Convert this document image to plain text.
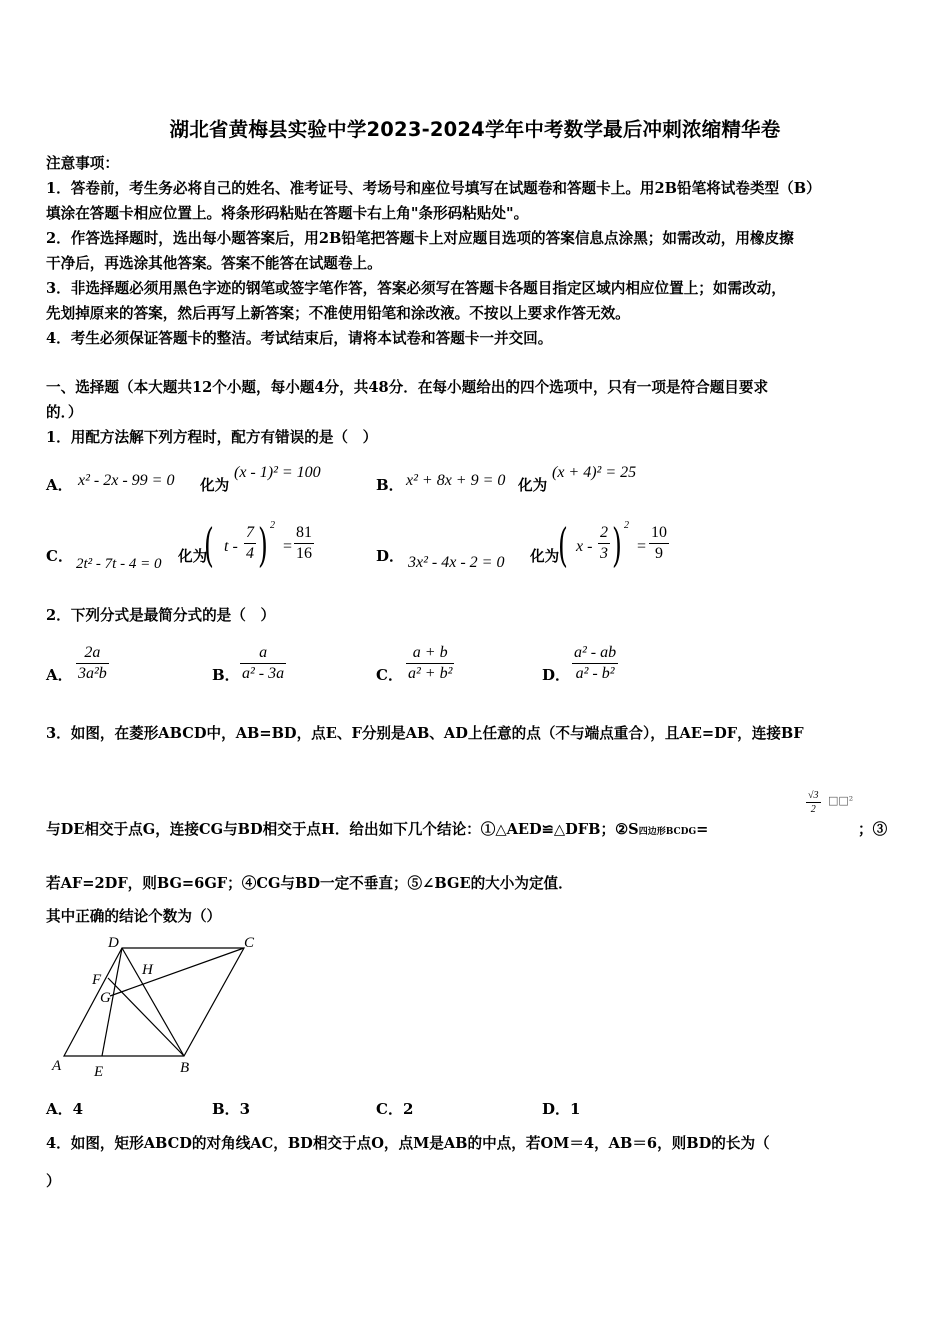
湖北省黄梅县实验中学2023-2024学年中考数学最后冲刺浓缩精华卷
注意事项：
1．答卷前，考生务必将自己的姓名、准考证号、考场号和座位号填写在试题卷和答题卡上。用2B铅笔将试卷类型（B）
填涂在答题卡相应位置上。将条形码粘贴在答题卡右上角"条形码粘贴处"。
2．作答选择题时，选出每小题答案后，用2B铅笔把答题卡上对应题目选项的答案信息点涂黑；如需改动，用橡皮擦
干净后，再选涂其他答案。答案不能答在试题卷上。
3．非选择题必须用黑色字迹的钢笔或签字笔作答，答案必须写在答题卡各题目指定区域内相应位置上；如需改动，
先划掉原来的答案，然后再写上新答案；不准使用铅笔和涂改液。不按以上要求作答无效。
4．考生必须保证答题卡的整洁。考试结束后，请将本试卷和答题卡一并交回。
一、选择题（本大题共12个小题，每小题4分，共48分．在每小题给出的四个选项中，只有一项是符合题目要求
的．）
1．用配方法解下列方程时，配方有错误的是（　）
A． x² - 2x - 99 = 0 化为
(x - 1)² = 100
B． x² + 8x + 9 = 0 化为
(x + 4)² = 25
C． 2t² - 7t - 4 = 0 化为
( t - $\frac{7}{4}$ ) 2
= $\frac{81}{16}$	D． 3x² - 4x - 2 = 0 化为
( x - $\frac{2}{3}$ ) 2
= $\frac{10}{9}$
2．下列分式是最简分式的是（　）
A． $\frac{2a}{\text{3a²b}}$	B． $\frac{a}{\text{a² - 3a}}$	C． $\frac{a + b}{\text{a² + b²}}$	D． $\frac{\text{a² - ab}}{\text{a² - b²}}$
3．如图，在菱形ABCD中，AB=BD，点E、F分别是AB、AD上任意的点（不与端点重合），且AE=DF，连接BF
与DE相交于点G，连接CG与BD相交于点H．给出如下几个结论：①△AED≌△DFB；②S四边形BCDG=
$\frac{√3}{2}$ □□²
；③
若AF=2DF，则BG=6GF；④CG与BD一定不垂直；⑤∠BGE的大小为定值．
其中正确的结论个数为（）
D	C
H
F
G
A E	B
A．4	B．3	C．2	D．1
4．如图，矩形ABCD的对角线AC，BD相交于点O，点M是AB的中点，若OM＝4，AB＝6，则BD的长为（
）
